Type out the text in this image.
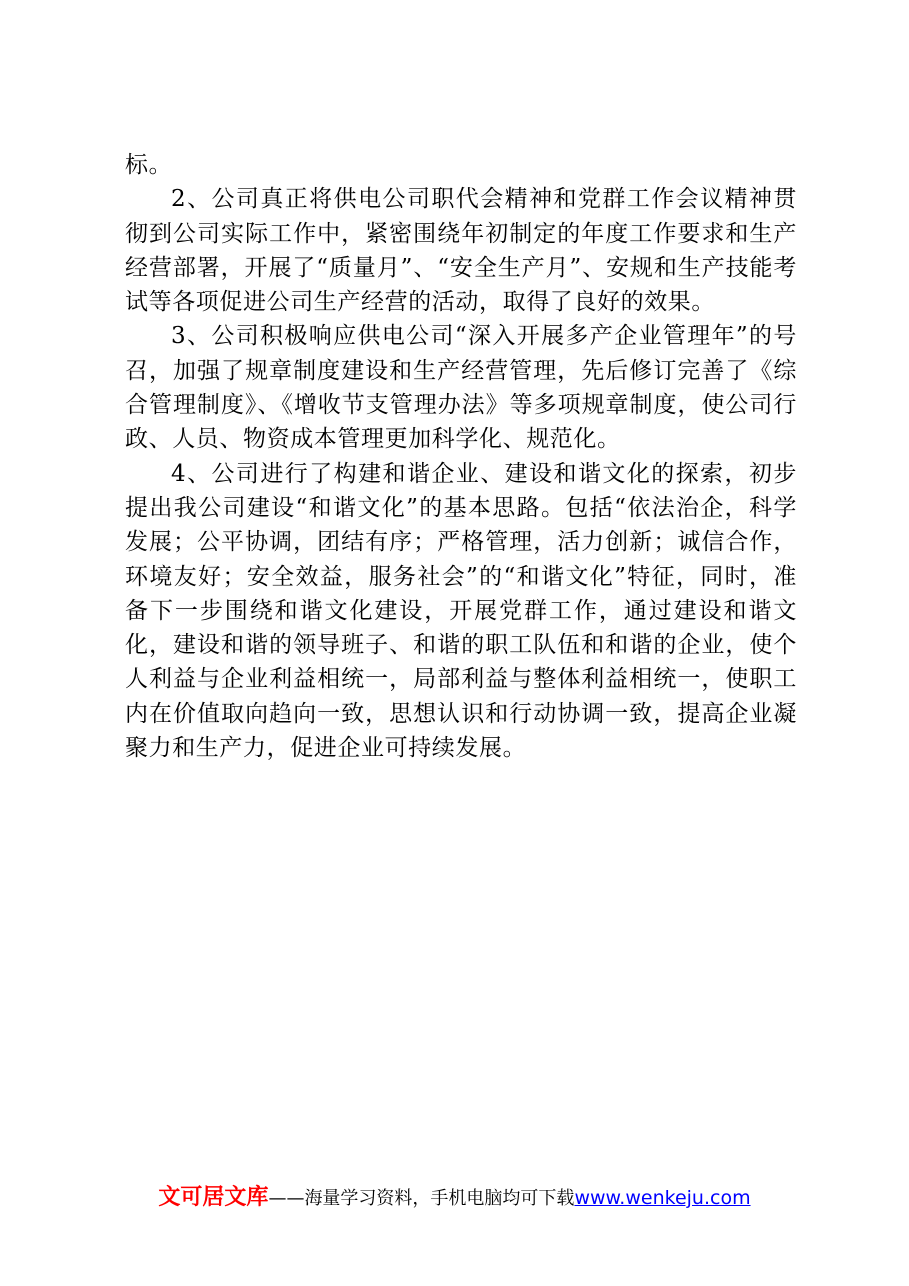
标。

2、公司真正将供电公司职代会精神和党群工作会议精神贯彻到公司实际工作中，紧密围绕年初制定的年度工作要求和生产经营部署，开展了“质量月”、“安全生产月”、安规和生产技能考试等各项促进公司生产经营的活动，取得了良好的效果。

3、公司积极响应供电公司“深入开展多产企业管理年”的号召，加强了规章制度建设和生产经营管理，先后修订完善了《综合管理制度》、《增收节支管理办法》等多项规章制度，使公司行政、人员、物资成本管理更加科学化、规范化。

4、公司进行了构建和谐企业、建设和谐文化的探索，初步提出我公司建设“和谐文化”的基本思路。包括“依法治企，科学发展；公平协调，团结有序；严格管理，活力创新；诚信合作，环境友好；安全效益，服务社会”的“和谐文化”特征，同时，准备下一步围绕和谐文化建设，开展党群工作，通过建设和谐文化，建设和谐的领导班子、和谐的职工队伍和和谐的企业，使个人利益与企业利益相统一，局部利益与整体利益相统一，使职工内在价值取向趋向一致，思想认识和行动协调一致，提高企业凝聚力和生产力，促进企业可持续发展。

文可居文库——海量学习资料，手机电脑均可下载www.wenkeju.com
